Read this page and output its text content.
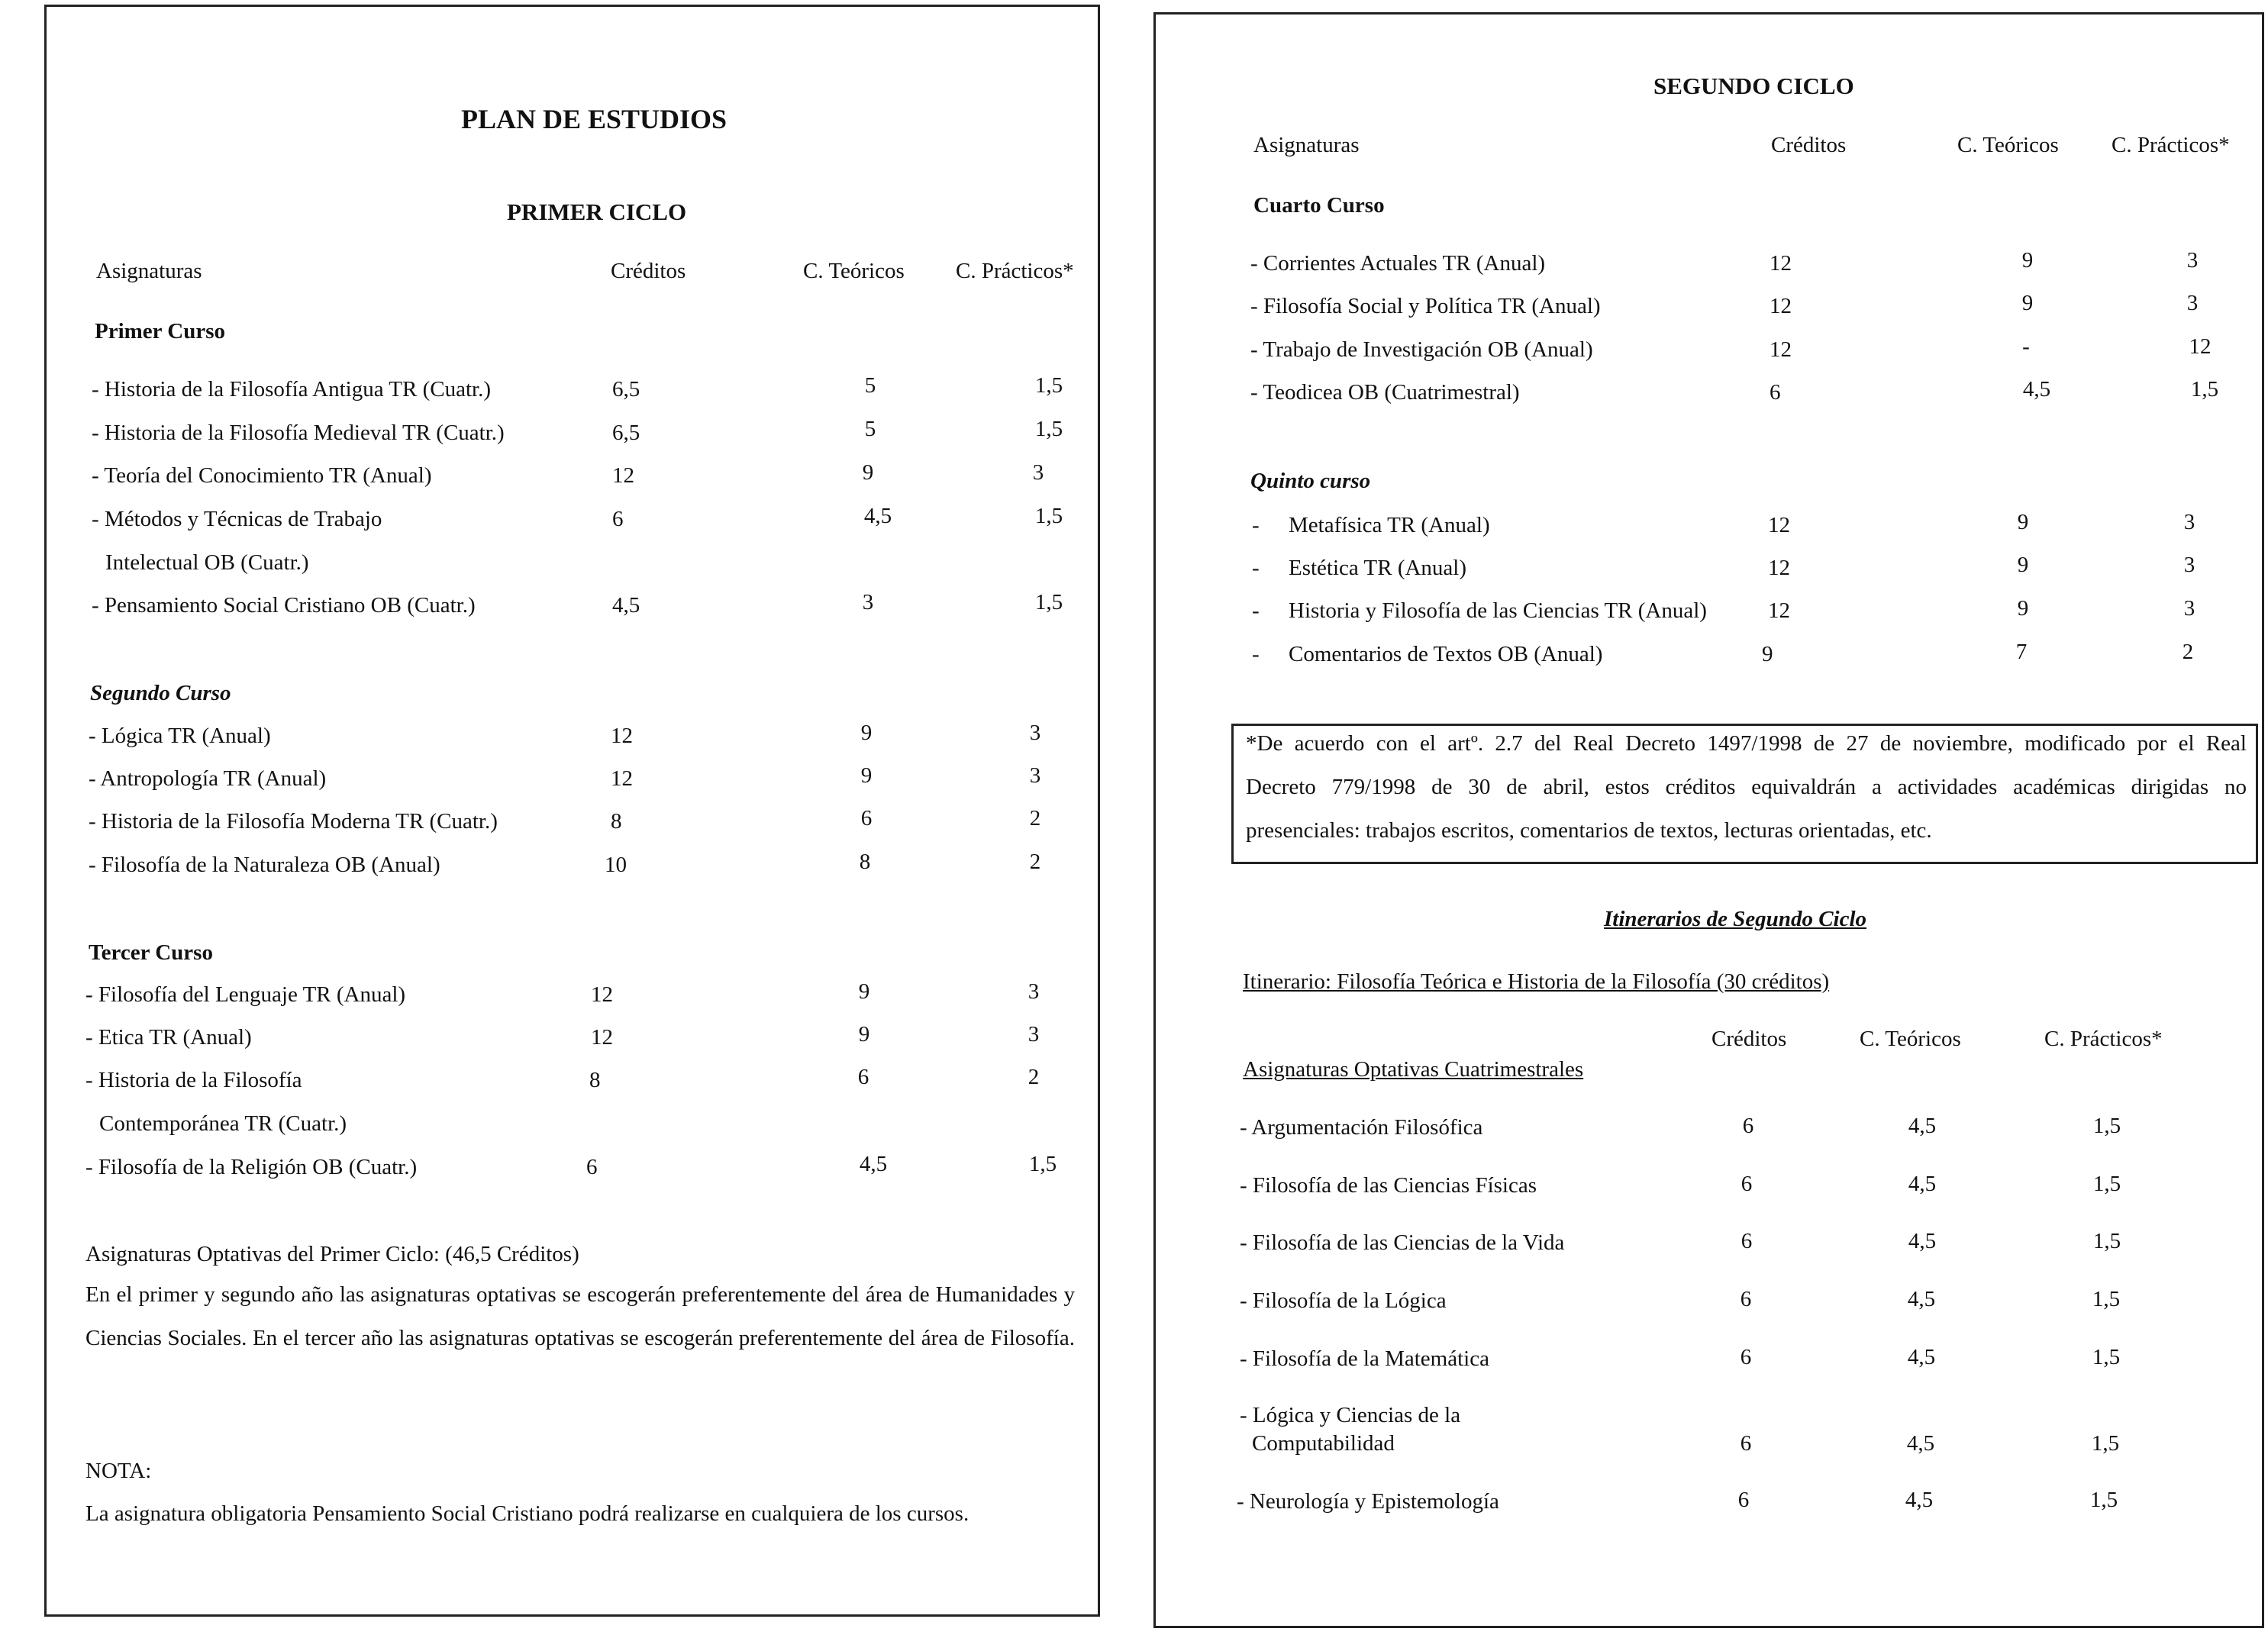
PLAN DE ESTUDIOS
PRIMER CICLO
Asignaturas	Créditos	C. Teóricos C. Prácticos*
Primer Curso
- Historia de la Filosofía Antigua TR (Cuatr.)	6,5	5	1,5
- Historia de la Filosofía Medieval TR (Cuatr.)	6,5	5	1,5
- Teoría del Conocimiento TR (Anual)	12	9	3
- Métodos y Técnicas de Trabajo
Intelectual OB (Cuatr.)
6	4,5	1,5
- Pensamiento Social Cristiano OB (Cuatr.)	4,5	3	1,5
Segundo Curso
- Lógica TR (Anual)	12	9	3
- Antropología TR (Anual)	12	9	3
- Historia de la Filosofía Moderna TR (Cuatr.)	8	6	2
- Filosofía de la Naturaleza OB (Anual)	10	8	2
Tercer Curso
- Filosofía del Lenguaje TR (Anual)	12	9	3
- Etica TR (Anual)	12	9	3
- Historia de la Filosofía
Contemporánea TR (Cuatr.)
8	6	2
- Filosofía de la Religión OB (Cuatr.)	6	4,5	1,5
Asignaturas Optativas del Primer Ciclo: (46,5 Créditos)
En el primer y segundo año las asignaturas optativas se escogerán preferentemente del área de Humanidades y Ciencias Sociales. En el tercer año las asignaturas optativas se escogerán preferentemente del área de Filosofía.
NOTA:
La asignatura obligatoria Pensamiento Social Cristiano podrá realizarse en cualquiera de los cursos.
SEGUNDO CICLO
Asignaturas	Créditos	C. Teóricos C. Prácticos*
Cuarto Curso
- Corrientes Actuales TR (Anual)	12	9	3
- Filosofía Social y Política TR (Anual)	12	9	3
- Trabajo de Investigación OB (Anual)	12	-	12
- Teodicea OB (Cuatrimestral)	6	4,5	1,5
Quinto curso
- Metafísica TR (Anual)	12	9	3
- Estética TR (Anual)	12	9	3
- Historia y Filosofía de las Ciencias TR (Anual)	12	9	3
- Comentarios de Textos OB (Anual)	9	7	2
*De acuerdo con el artº. 2.7 del Real Decreto 1497/1998 de 27 de noviembre, modificado por el Real
Decreto 779/1998 de 30 de abril, estos créditos equivaldrán a actividades académicas dirigidas no
presenciales: trabajos escritos, comentarios de textos, lecturas orientadas, etc.
Itinerarios de Segundo Ciclo
Itinerario: Filosofía Teórica e Historia de la Filosofía (30 créditos)
Créditos	C. Teóricos	C. Prácticos*
Asignaturas Optativas Cuatrimestrales
- Argumentación Filosófica	6	4,5	1,5
- Filosofía de las Ciencias Físicas	6	4,5	1,5
- Filosofía de las Ciencias de la Vida	6	4,5	1,5
- Filosofía de la Lógica	6	4,5	1,5
- Filosofía de la Matemática	6	4,5	1,5
- Lógica y Ciencias de la
Computabilidad	6	4,5	1,5
- Neurología y Epistemología	6	4,5	1,5
